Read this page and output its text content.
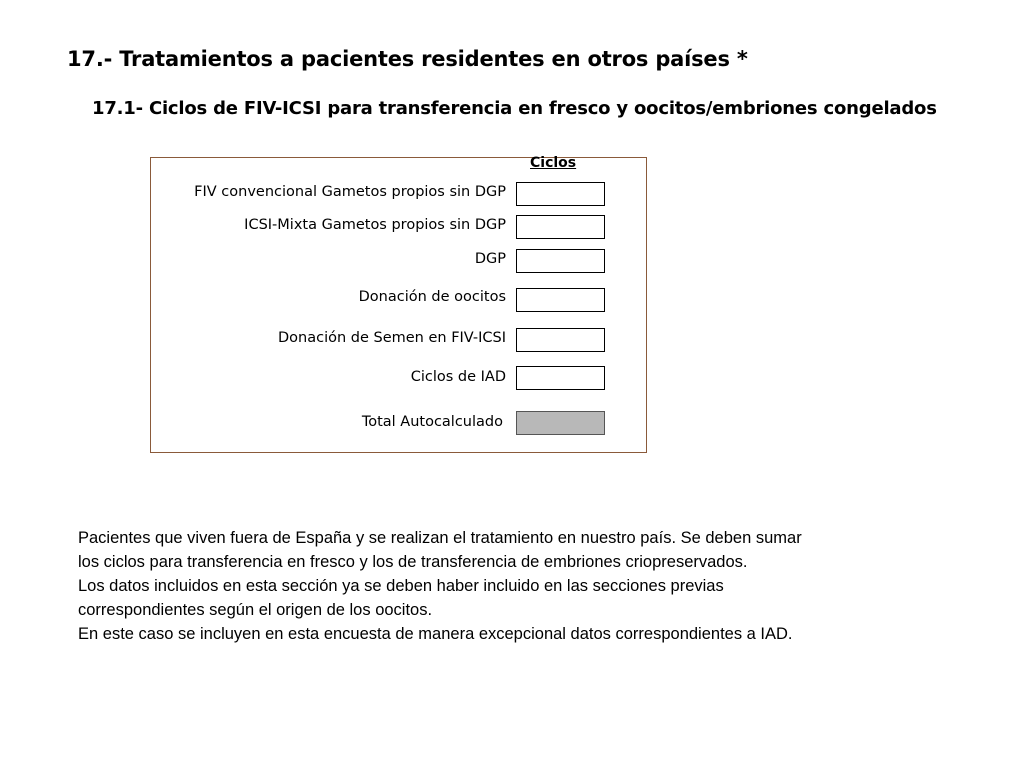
17.- Tratamientos a pacientes residentes en otros países *
17.1- Ciclos de FIV-ICSI para transferencia en fresco y oocitos/embriones congelados
Ciclos
FIV convencional Gametos propios sin DGP
ICSI-Mixta Gametos propios sin DGP
DGP
Donación de oocitos
Donación de Semen en FIV-ICSI
Ciclos de IAD
Total Autocalculado

Pacientes que viven fuera de España y se realizan el tratamiento en nuestro país. Se deben sumar

los ciclos para transferencia en fresco y los de transferencia de embriones criopreservados.

Los datos incluidos en esta sección ya se deben haber incluido en las secciones previas

correspondientes según el origen de los oocitos.

En este caso se incluyen en esta encuesta de manera excepcional datos correspondientes a IAD.
